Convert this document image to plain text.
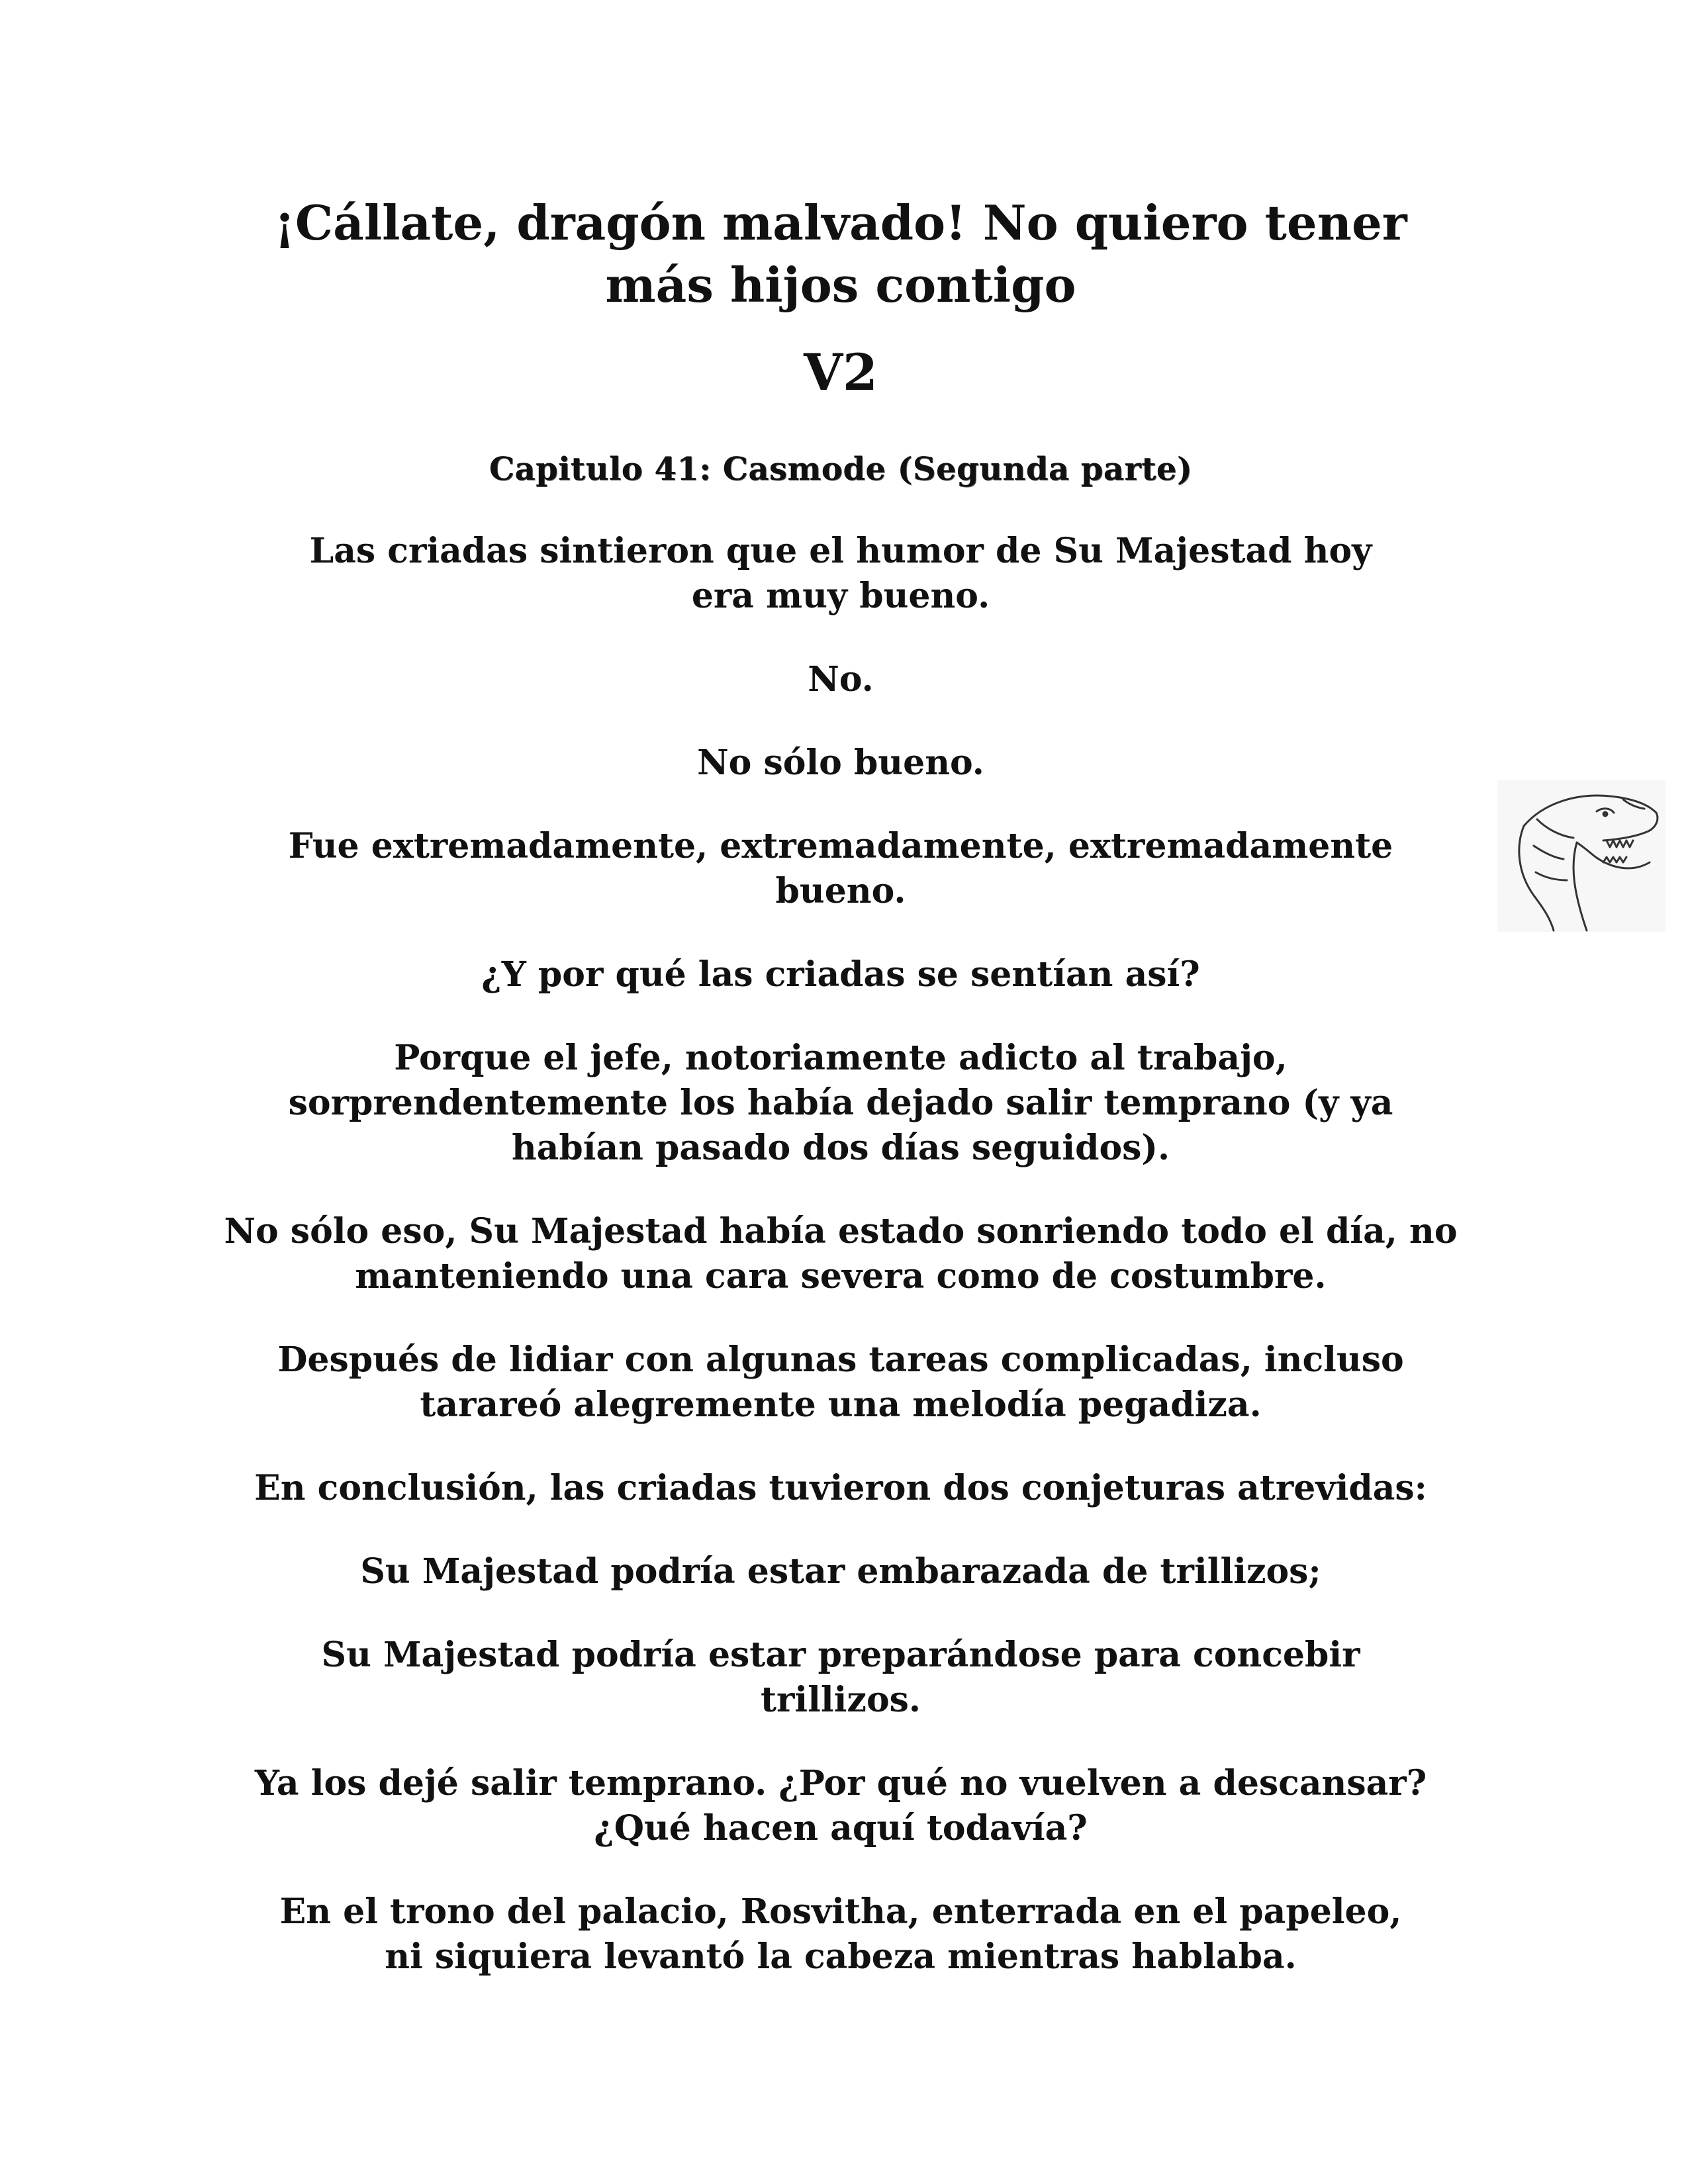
¡Cállate, dragón malvado! No quiero tener
más hijos contigo
V2
Capitulo 41: Casmode (Segunda parte)

Las criadas sintieron que el humor de Su Majestad hoy era muy bueno.

No.

No sólo bueno.

Fue extremadamente, extremadamente, extremadamente bueno.

¿Y por qué las criadas se sentían así?

Porque el jefe, notoriamente adicto al trabajo, sorprendentemente los había dejado salir temprano (y ya habían pasado dos días seguidos).

No sólo eso, Su Majestad había estado sonriendo todo el día, no manteniendo una cara severa como de costumbre.

Después de lidiar con algunas tareas complicadas, incluso tarareó alegremente una melodía pegadiza.

En conclusión, las criadas tuvieron dos conjeturas atrevidas:

Su Majestad podría estar embarazada de trillizos;

Su Majestad podría estar preparándose para concebir trillizos.

Ya los dejé salir temprano. ¿Por qué no vuelven a descansar? ¿Qué hacen aquí todavía?

En el trono del palacio, Rosvitha, enterrada en el papeleo, ni siquiera levantó la cabeza mientras hablaba.
